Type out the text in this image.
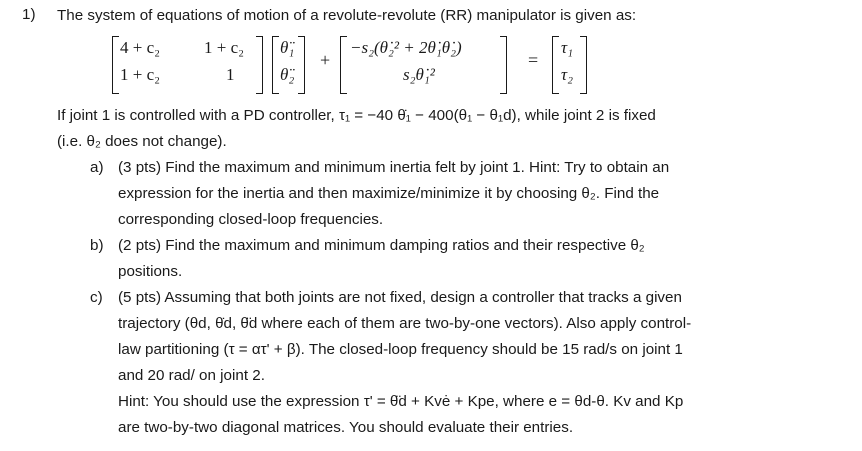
1) The system of equations of motion of a revolute-revolute (RR) manipulator is given as:
4 + c₂	1 + c₂
1 + c₂	1
θ̈₁
θ̈₂
+
−s₂(θ̇₂² + 2θ̇₁θ̇₂)
s₂θ̇₁²
=
τ₁
τ₂
If joint 1 is controlled with a PD controller, τ₁ = −40 θ̇₁ − 400(θ₁ − θ₁d), while joint 2 is fixed
(i.e. θ₂ does not change).
a) (3 pts) Find the maximum and minimum inertia felt by joint 1. Hint: Try to obtain an
expression for the inertia and then maximize/minimize it by choosing θ₂. Find the
corresponding closed-loop frequencies.
b) (2 pts) Find the maximum and minimum damping ratios and their respective θ₂
positions.
c) (5 pts) Assuming that both joints are not fixed, design a controller that tracks a given
trajectory (θd, θ̇d, θ̈d where each of them are two-by-one vectors). Also apply control-
law partitioning (τ = ατ' + β). The closed-loop frequency should be 15 rad/s on joint 1
and 20 rad/ on joint 2.
Hint: You should use the expression τ' = θ̈d + Kvė + Kpe, where e = θd-θ. Kv and Kp
are two-by-two diagonal matrices. You should evaluate their entries.
